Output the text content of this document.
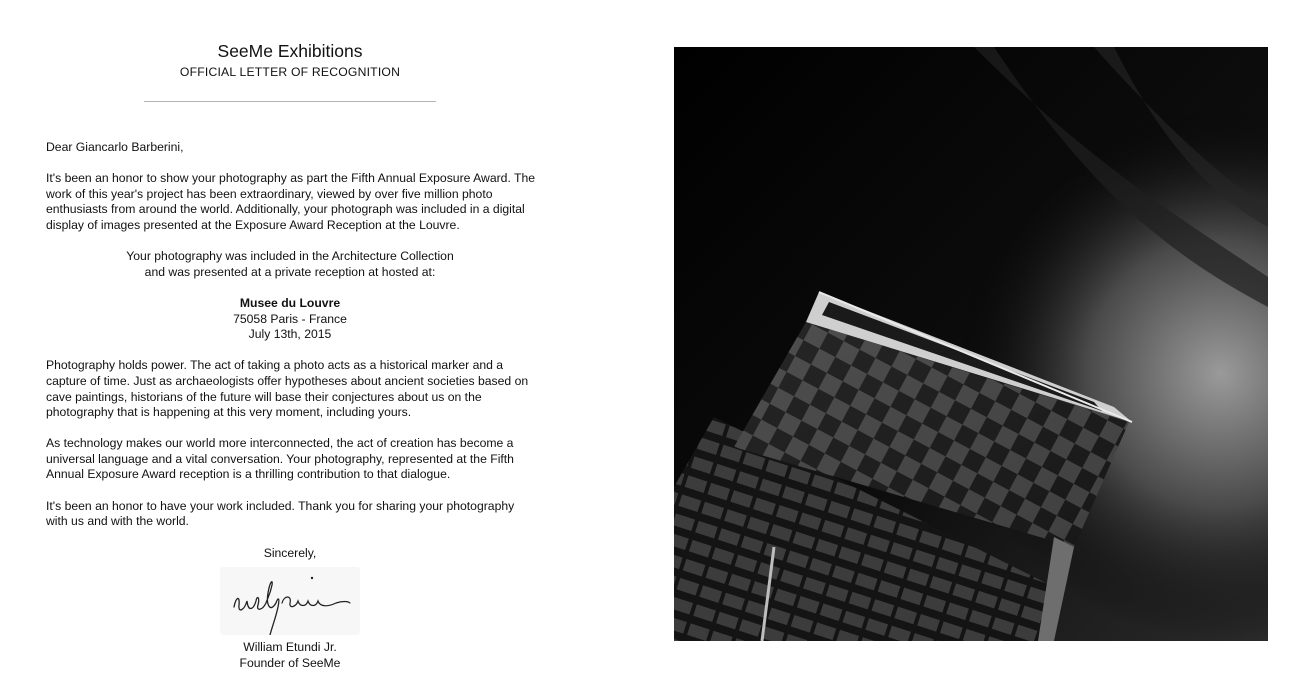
SeeMe Exhibitions
OFFICIAL LETTER OF RECOGNITION
Dear Giancarlo Barberini,
It's been an honor to show your photography as part the Fifth Annual Exposure Award. The work of this year's project has been extraordinary, viewed by over five million photo enthusiasts from around the world. Additionally, your photograph was included in a digital display of images presented at the Exposure Award Reception at the Louvre.
Your photography was included in the Architecture Collection
and was presented at a private reception at hosted at:
Musee du Louvre
75058 Paris - France
July 13th, 2015
Photography holds power. The act of taking a photo acts as a historical marker and a capture of time. Just as archaeologists offer hypotheses about ancient societies based on cave paintings, historians of the future will base their conjectures about us on the photography that is happening at this very moment, including yours.
As technology makes our world more interconnected, the act of creation has become a universal language and a vital conversation. Your photography, represented at the Fifth Annual Exposure Award reception is a thrilling contribution to that dialogue.
It's been an honor to have your work included. Thank you for sharing your photography with us and with the world.
Sincerely,
William Etundi Jr.
Founder of SeeMe
